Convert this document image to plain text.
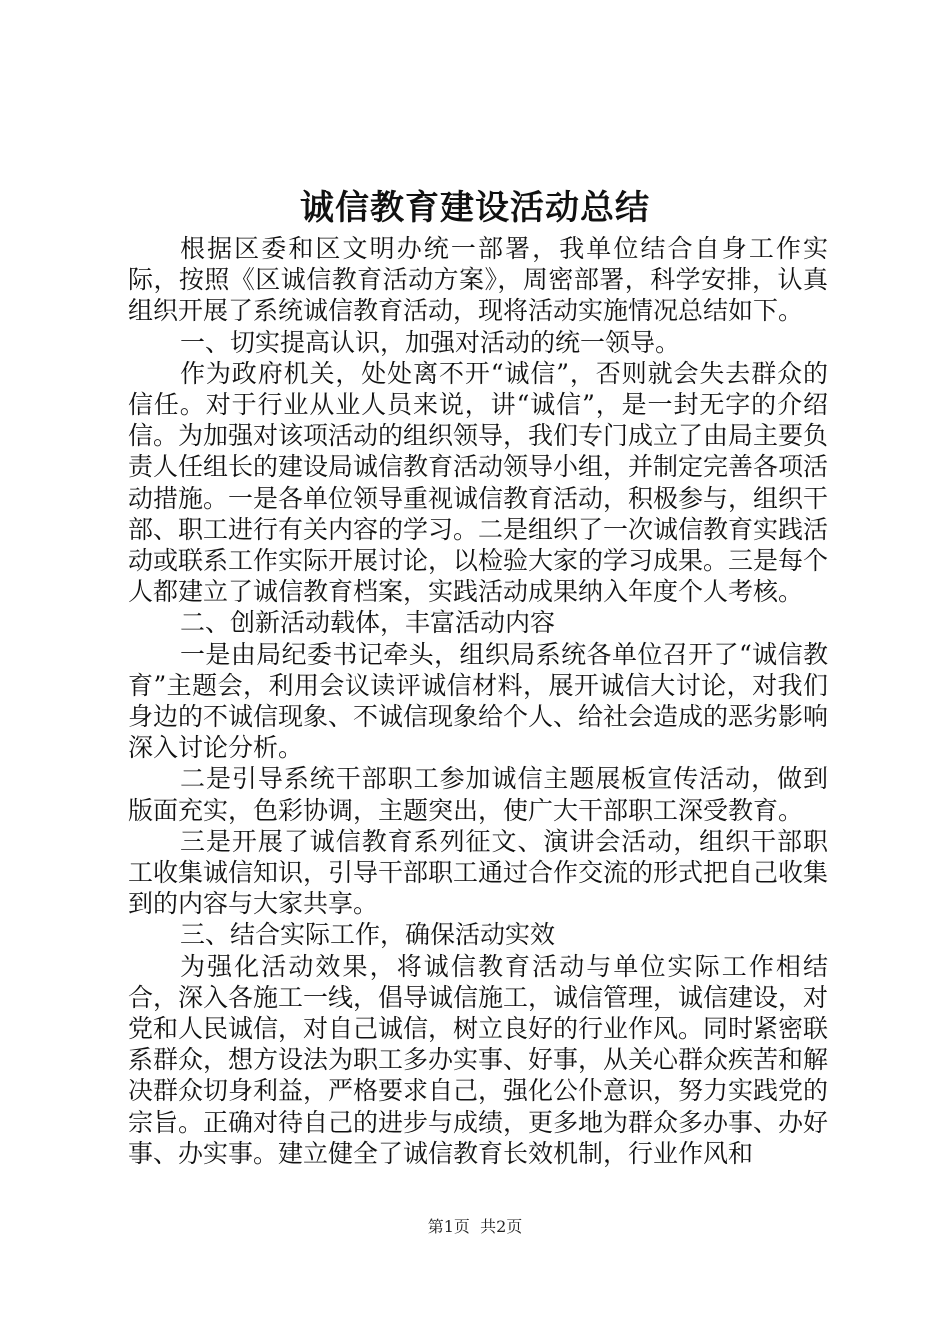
诚信教育建设活动总结

根据区委和区文明办统一部署，我单位结合自身工作实际，按照《区诚信教育活动方案》，周密部署，科学安排，认真组织开展了系统诚信教育活动，现将活动实施情况总结如下。

一、切实提高认识，加强对活动的统一领导。

作为政府机关，处处离不开“诚信”，否则就会失去群众的信任。对于行业从业人员来说，讲“诚信”，是一封无字的介绍信。为加强对该项活动的组织领导，我们专门成立了由局主要负责人任组长的建设局诚信教育活动领导小组，并制定完善各项活动措施。一是各单位领导重视诚信教育活动，积极参与，组织干部、职工进行有关内容的学习。二是组织了一次诚信教育实践活动或联系工作实际开展讨论，以检验大家的学习成果。三是每个人都建立了诚信教育档案，实践活动成果纳入年度个人考核。

二、创新活动载体，丰富活动内容

一是由局纪委书记牵头，组织局系统各单位召开了“诚信教育”主题会，利用会议读评诚信材料，展开诚信大讨论，对我们身边的不诚信现象、不诚信现象给个人、给社会造成的恶劣影响深入讨论分析。

二是引导系统干部职工参加诚信主题展板宣传活动，做到版面充实，色彩协调，主题突出，使广大干部职工深受教育。

三是开展了诚信教育系列征文、演讲会活动，组织干部职工收集诚信知识，引导干部职工通过合作交流的形式把自己收集到的内容与大家共享。

三、结合实际工作，确保活动实效

为强化活动效果，将诚信教育活动与单位实际工作相结合，深入各施工一线，倡导诚信施工，诚信管理，诚信建设，对党和人民诚信，对自己诚信，树立良好的行业作风。同时紧密联系群众，想方设法为职工多办实事、好事，从关心群众疾苦和解决群众切身利益，严格要求自己，强化公仆意识，努力实践党的宗旨。正确对待自己的进步与成绩，更多地为群众多办事、办好事、办实事。建立健全了诚信教育长效机制，行业作风和

第1页 共2页
